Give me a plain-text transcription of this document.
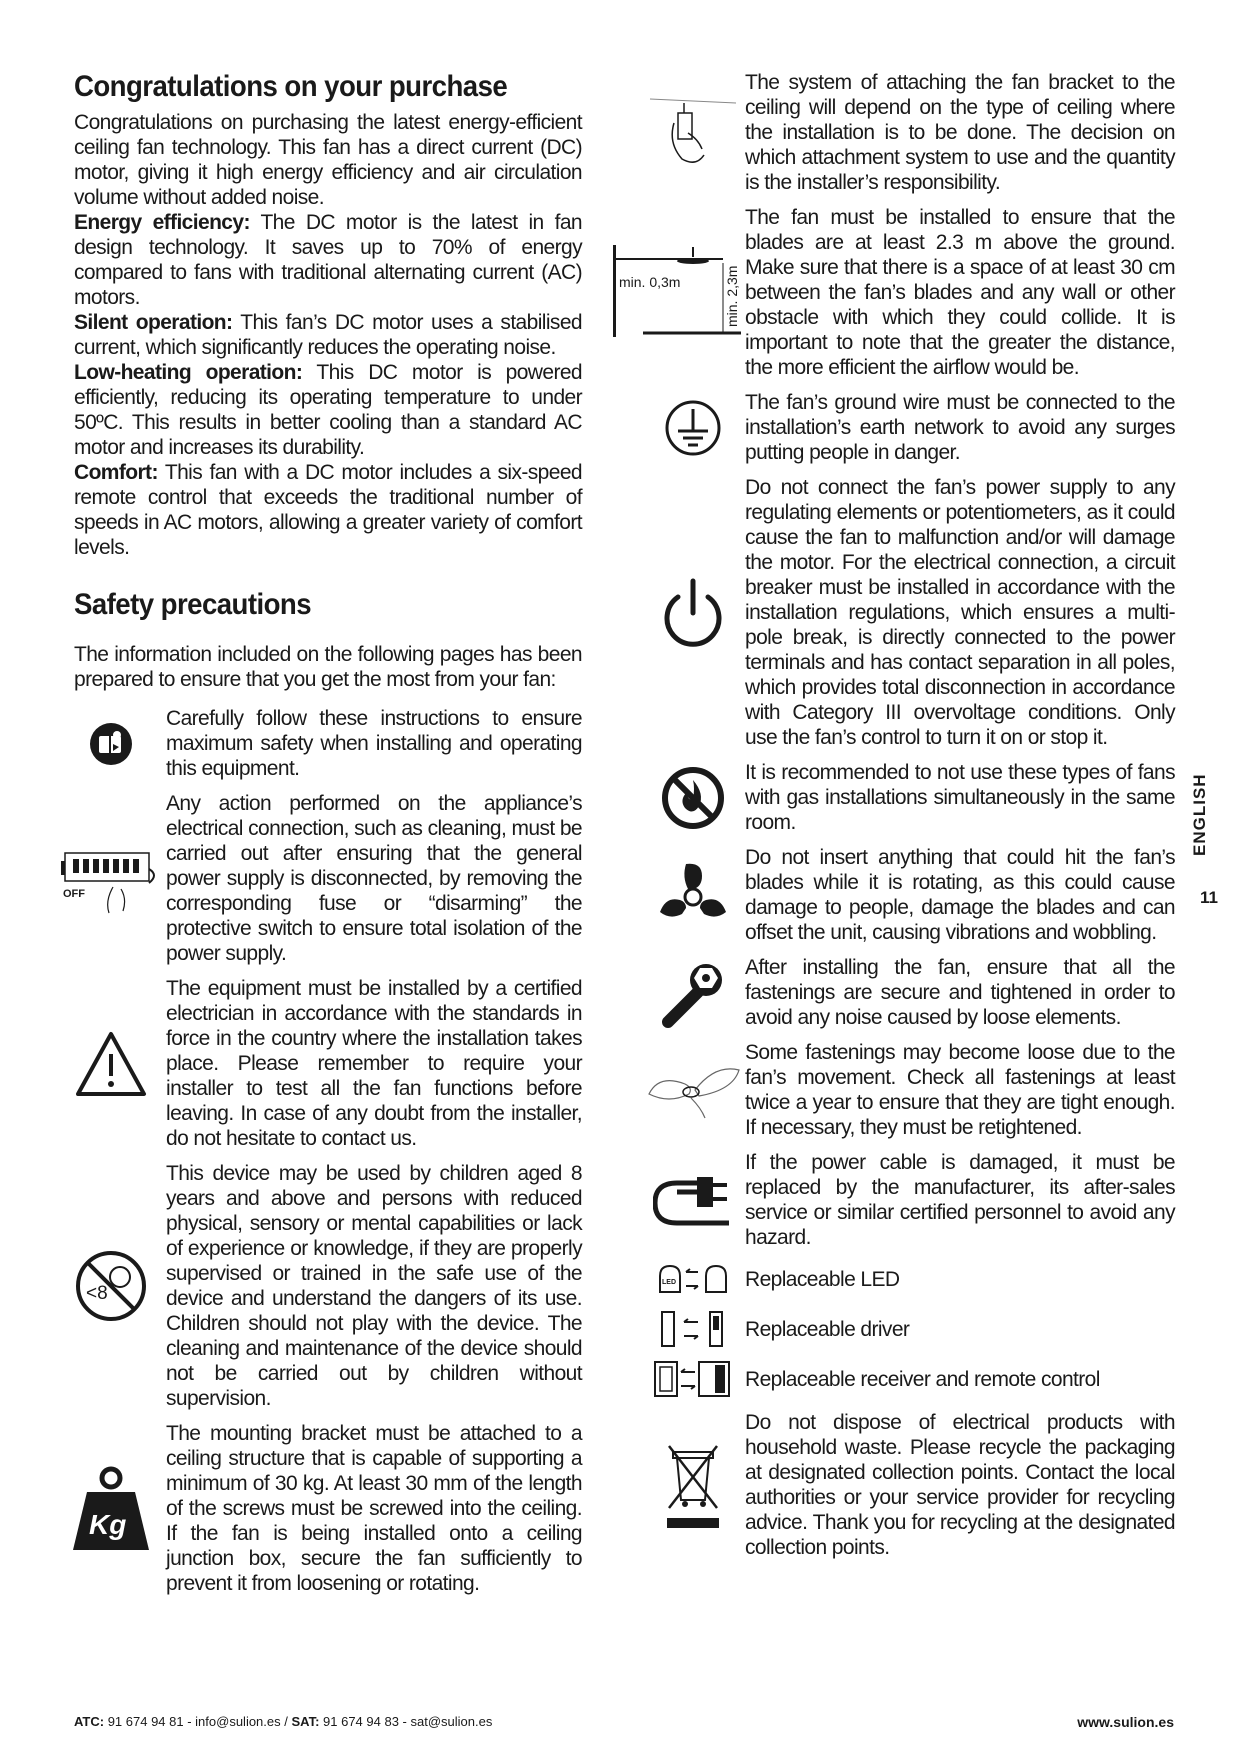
Congratulations on your purchase

Congratulations on purchasing the latest energy-efficient ceiling fan technology. This fan has a direct current (DC) motor, giving it high energy efficiency and air circulation volume without added noise.

Energy efficiency: The DC motor is the latest in fan design technology. It saves up to 70% of energy compared to fans with traditional alternating current (AC) motors.

Silent operation: This fan’s DC motor uses a stabilised current, which significantly reduces the operating noise.

Low-heating operation: This DC motor is powered efficiently, reducing its operating temperature to under 50ºC. This results in better cooling than a standard AC motor and increases its durability.

Comfort: This fan with a DC motor includes a six-speed remote control that exceeds the traditional number of speeds in AC motors, allowing a greater variety of comfort levels.

Safety precautions

The information included on the following pages has been prepared to ensure that you get the most from your fan:

Carefully follow these instructions to ensure maximum safety when installing and operating this equipment.

OFF

Any action performed on the appliance’s electrical connection, such as cleaning, must be carried out after ensuring that the general power supply is disconnected, by removing the corresponding fuse or “disarming” the protective switch to ensure total isolation of the power supply.

The equipment must be installed by a certified electrician in accordance with the standards in force in the country where the installation takes place. Please remember to require your installer to test all the fan functions before leaving. In case of any doubt from the installer, do not hesitate to contact us.

<8

This device may be used by children aged 8 years and above and persons with reduced physical, sensory or mental capabilities or lack of experience or knowledge, if they are properly supervised or trained in the safe use of the device and understand the dangers of its use. Children should not play with the device. The cleaning and maintenance of the device should not be carried out by children without supervision.

Kg

The mounting bracket must be attached to a ceiling structure that is capable of supporting a minimum of 30 kg. At least 30 mm of the length of the screws must be screwed into the ceiling. If the fan is being installed onto a ceiling junction box, secure the fan sufficiently to prevent it from loosening or rotating.

The system of attaching the fan bracket to the ceiling will depend on the type of ceiling where the installation is to be done. The decision on which attachment system to use and the quantity is the installer’s responsibility.

min. 0,3m	min. 2,3m

The fan must be installed to ensure that the blades are at least 2.3 m above the ground. Make sure that there is a space of at least 30 cm between the fan’s blades and any wall or other obstacle with which they could collide. It is important to note that the greater the distance, the more efficient the airflow would be.

The fan’s ground wire must be connected to the installation’s earth network to avoid any surges putting people in danger.

Do not connect the fan’s power supply to any regulating elements or potentiometers, as it could cause the fan to malfunction and/or will damage the motor. For the electrical connection, a circuit breaker must be installed in accordance with the installation regulations, which ensures a multi-pole break, is directly connected to the power terminals and has contact separation in all poles, which provides total disconnection in accordance with Category III overvoltage conditions. Only use the fan’s control to turn it on or stop it.

It is recommended to not use these types of fans with gas installations simultaneously in the same room.

Do not insert anything that could hit the fan’s blades while it is rotating, as this could cause damage to people, damage the blades and can offset the unit, causing vibrations and wobbling.

After installing the fan, ensure that all the fastenings are secure and tightened in order to avoid any noise caused by loose elements.

Some fastenings may become loose due to the fan’s movement. Check all fastenings at least twice a year to ensure that they are tight enough. If necessary, they must be retightened.

If the power cable is damaged, it must be replaced by the manufacturer, its after-sales service or similar certified personnel to avoid any hazard.

LED	Replaceable LED

Replaceable driver

Replaceable receiver and remote control

Do not dispose of electrical products with household waste. Please recycle the packaging at designated collection points. Contact the local authorities or your service provider for recycling advice. Thank you for recycling at the designated collection points.

ENGLISH
11
ATC: 91 674 94 81 - info@sulion.es / SAT: 91 674 94 83 - sat@sulion.es	www.sulion.es
